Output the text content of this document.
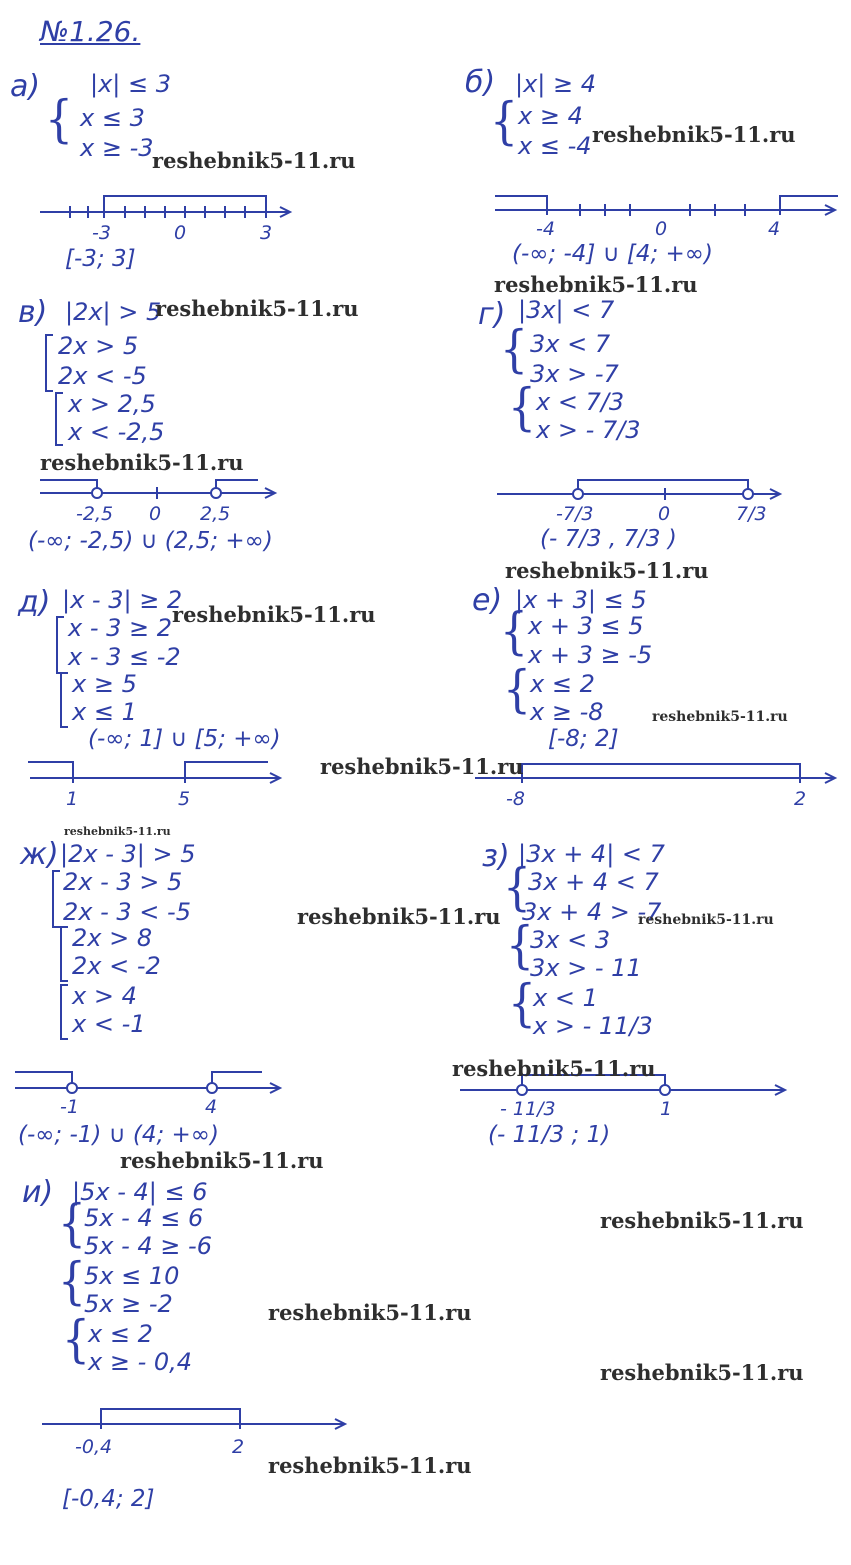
№1.26.
а) |x| ≤ 3
{ x ≤ 3
x ≥ -3
-3	0	3
[-3; 3]
б) |x| ≥ 4
{ x ≥ 4
x ≤ -4
-4	0	4
(-∞; -4] ∪ [4; +∞)
в) |2x| > 5
2x > 5
2x < -5
x > 2,5
x < -2,5
-2,5 0 2,5
(-∞; -2,5) ∪ (2,5; +∞)
г) |3x| < 7
{ 3x < 7
3x > -7
{ x < 7/3
x > - 7/3
-7/3	0	7/3
(- 7/3 , 7/3 )
д) |x - 3| ≥ 2
x - 3 ≥ 2
x - 3 ≤ -2
x ≥ 5
x ≤ 1
(-∞; 1] ∪ [5; +∞)
1	5
е) |x + 3| ≤ 5
{ x + 3 ≤ 5
x + 3 ≥ -5
{ x ≤ 2
x ≥ -8
[-8; 2]
-8	2
ж) |2x - 3| > 5
2x - 3 > 5
2x - 3 < -5
2x > 8
2x < -2
x > 4
x < -1
-1	4
(-∞; -1) ∪ (4; +∞)
з) |3x + 4| < 7
{
3x + 4 < 7
3x + 4 > -7
{
3x < 3
3x > - 11
{
x < 1
x > - 11/3
- 11/3	1
(- 11/3 ; 1)
и) |5x - 4| ≤ 6
{
5x - 4 ≤ 6
5x - 4 ≥ -6
{
5x ≤ 10
5x ≥ -2
{
x ≤ 2
x ≥ - 0,4
-0,4	2
[-0,4; 2]
reshebnik5-11.ru
reshebnik5-11.ru
reshebnik5-11.ru
reshebnik5-11.ru
reshebnik5-11.ru
reshebnik5-11.ru
reshebnik5-11.ru
reshebnik5-11.ru
reshebnik5-11.ru
reshebnik5-11.ru
reshebnik5-11.ru	reshebnik5-11.ru
reshebnik5-11.ru
reshebnik5-11.ru
reshebnik5-11.ru
reshebnik5-11.ru
reshebnik5-11.ru
reshebnik5-11.ru
